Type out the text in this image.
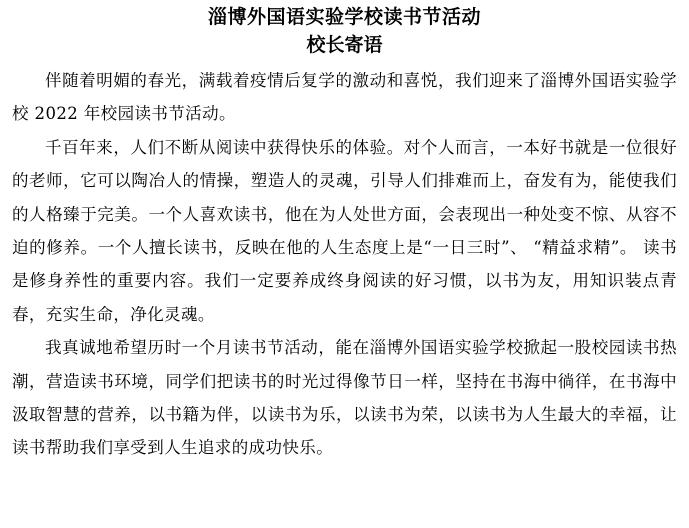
淄博外国语实验学校读书节活动
校长寄语

伴随着明媚的春光，满载着疫情后复学的激动和喜悦，我们迎来了淄博外国语实验学校 2022 年校园读书节活动。

千百年来，人们不断从阅读中获得快乐的体验。对个人而言，一本好书就是一位很好的老师，它可以陶冶人的情操，塑造人的灵魂，引导人们排难而上，奋发有为，能使我们的人格臻于完美。一个人喜欢读书，他在为人处世方面，会表现出一种处变不惊、从容不迫的修养。一个人擅长读书，反映在他的人生态度上是“一日三时”、 “精益求精”。 读书是修身养性的重要内容。我们一定要养成终身阅读的好习惯，以书为友，用知识装点青春，充实生命，净化灵魂。

我真诚地希望历时一个月读书节活动，能在淄博外国语实验学校掀起一股校园读书热潮，营造读书环境，同学们把读书的时光过得像节日一样，坚持在书海中徜徉，在书海中汲取智慧的营养，以书籍为伴，以读书为乐，以读书为荣，以读书为人生最大的幸福，让读书帮助我们享受到人生追求的成功快乐。
